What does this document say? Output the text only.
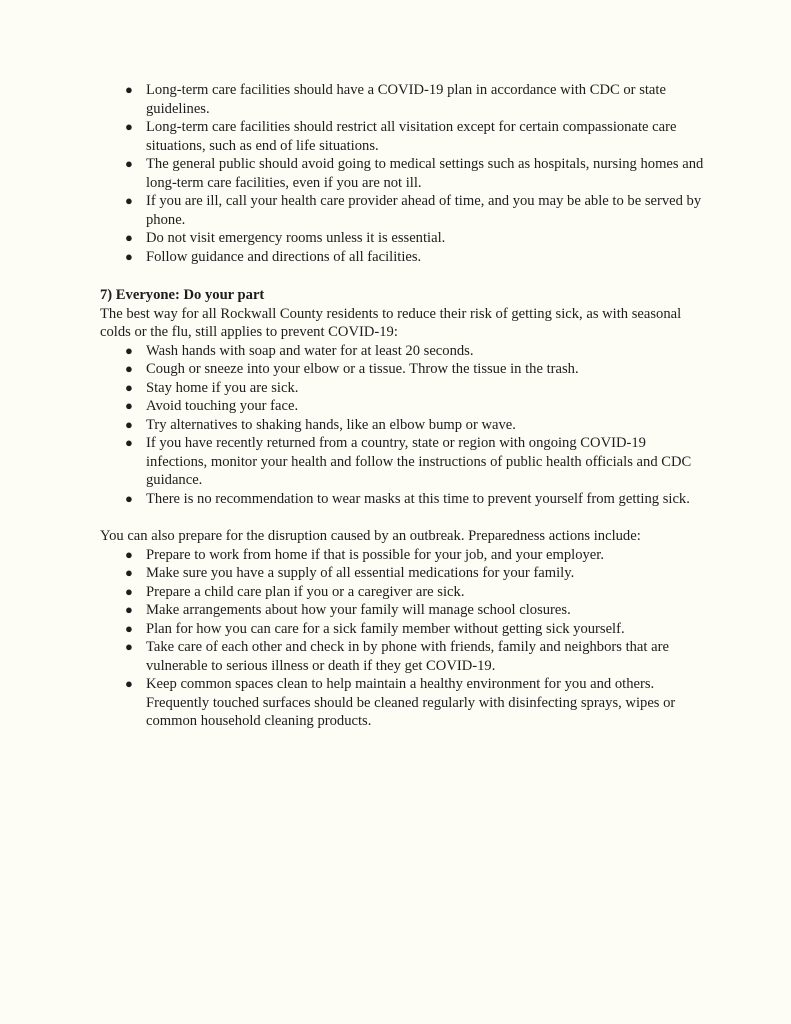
● Long-term care facilities should have a COVID-19 plan in accordance with CDC or state guidelines.
● Long-term care facilities should restrict all visitation except for certain compassionate care situations, such as end of life situations.
● The general public should avoid going to medical settings such as hospitals, nursing homes and long-term care facilities, even if you are not ill.
● If you are ill, call your health care provider ahead of time, and you may be able to be served by phone.
● Do not visit emergency rooms unless it is essential.
● Follow guidance and directions of all facilities.

7) Everyone: Do your part

The best way for all Rockwall County residents to reduce their risk of getting sick, as with seasonal colds or the flu, still applies to prevent COVID-19:

● Wash hands with soap and water for at least 20 seconds.
● Cough or sneeze into your elbow or a tissue. Throw the tissue in the trash.
● Stay home if you are sick.
● Avoid touching your face.
● Try alternatives to shaking hands, like an elbow bump or wave.
● If you have recently returned from a country, state or region with ongoing COVID-19 infections, monitor your health and follow the instructions of public health officials and CDC guidance.
● There is no recommendation to wear masks at this time to prevent yourself from getting sick.

You can also prepare for the disruption caused by an outbreak. Preparedness actions include:

● Prepare to work from home if that is possible for your job, and your employer.
● Make sure you have a supply of all essential medications for your family.
● Prepare a child care plan if you or a caregiver are sick.
● Make arrangements about how your family will manage school closures.
● Plan for how you can care for a sick family member without getting sick yourself.
● Take care of each other and check in by phone with friends, family and neighbors that are vulnerable to serious illness or death if they get COVID-19.
● Keep common spaces clean to help maintain a healthy environment for you and others. Frequently touched surfaces should be cleaned regularly with disinfecting sprays, wipes or common household cleaning products.
